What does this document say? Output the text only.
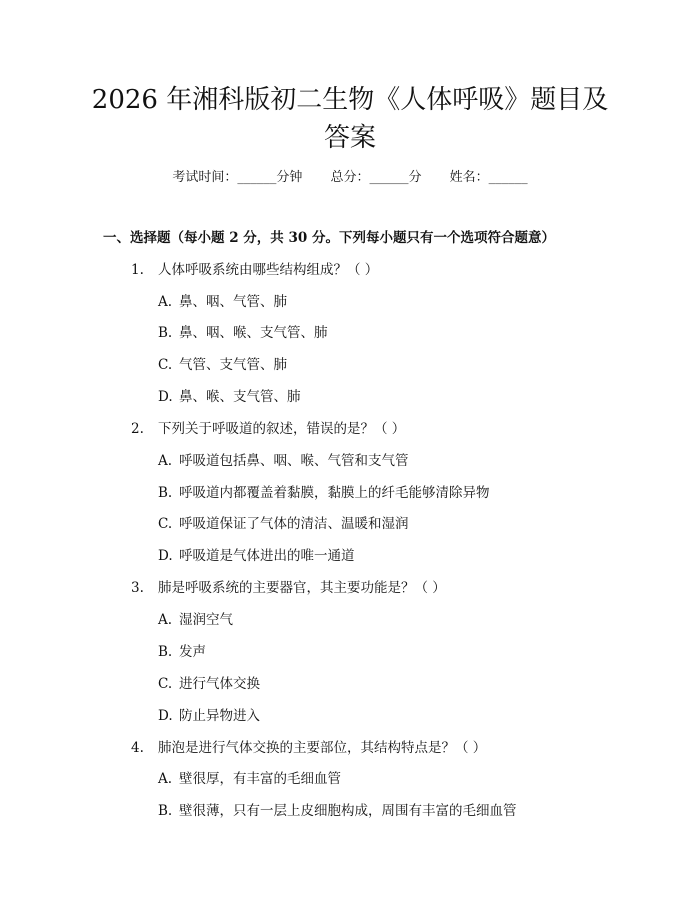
2026 年湘科版初二生物《人体呼吸》题目及
答案
考试时间：______分钟 总分：______分 姓名：______
一、选择题（每小题 2 分，共 30 分。下列每小题只有一个选项符合题意）
1. 人体呼吸系统由哪些结构组成？（ ）
A. 鼻、咽、气管、肺
B. 鼻、咽、喉、支气管、肺
C. 气管、支气管、肺
D. 鼻、喉、支气管、肺
2. 下列关于呼吸道的叙述，错误的是？（ ）
A. 呼吸道包括鼻、咽、喉、气管和支气管
B. 呼吸道内都覆盖着黏膜，黏膜上的纤毛能够清除异物
C. 呼吸道保证了气体的清洁、温暖和湿润
D. 呼吸道是气体进出的唯一通道
3. 肺是呼吸系统的主要器官，其主要功能是？（ ）
A. 湿润空气
B. 发声
C. 进行气体交换
D. 防止异物进入
4. 肺泡是进行气体交换的主要部位，其结构特点是？（ ）
A. 壁很厚，有丰富的毛细血管
B. 壁很薄，只有一层上皮细胞构成，周围有丰富的毛细血管
